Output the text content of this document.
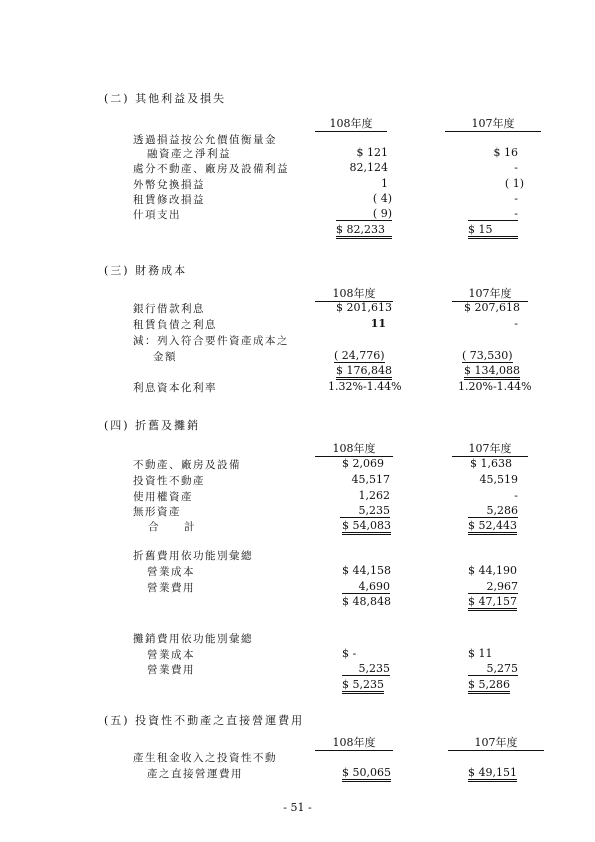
(二) 其他利益及損失
108年度	107年度
透過損益按公允價值衡量金
融資產之淨利益	$ 121	$ 16
處分不動產、廠房及設備利益	82,124	-
外幣兌換損益	1	( 1)
租賃修改損益	( 4)	-
什項支出	( 9)	-
$ 82,233	$ 15
(三) 財務成本
108年度	107年度
銀行借款利息	$ 201,613	$ 207,618
租賃負債之利息	11	-
減：列入符合要件資產成本之
金額	( 24,776)	( 73,530)
$ 176,848	$ 134,088
利息資本化利率	1.32%-1.44%	1.20%-1.44%
(四) 折舊及攤銷
108年度	107年度
不動產、廠房及設備	$ 2,069	$ 1,638
投資性不動產	45,517	45,519
使用權資產	1,262	-
無形資產	5,235	5,286
合　　計	$ 54,083	$ 52,443
折舊費用依功能別彙總
營業成本	$ 44,158	$ 44,190
營業費用	4,690	2,967
$ 48,848	$ 47,157
攤銷費用依功能別彙總
營業成本	$ -	$ 11
營業費用	5,235	5,275
$ 5,235	$ 5,286
(五) 投資性不動產之直接營運費用
108年度	107年度
產生租金收入之投資性不動
產之直接營運費用	$ 50,065	$ 49,151
- 51 -
